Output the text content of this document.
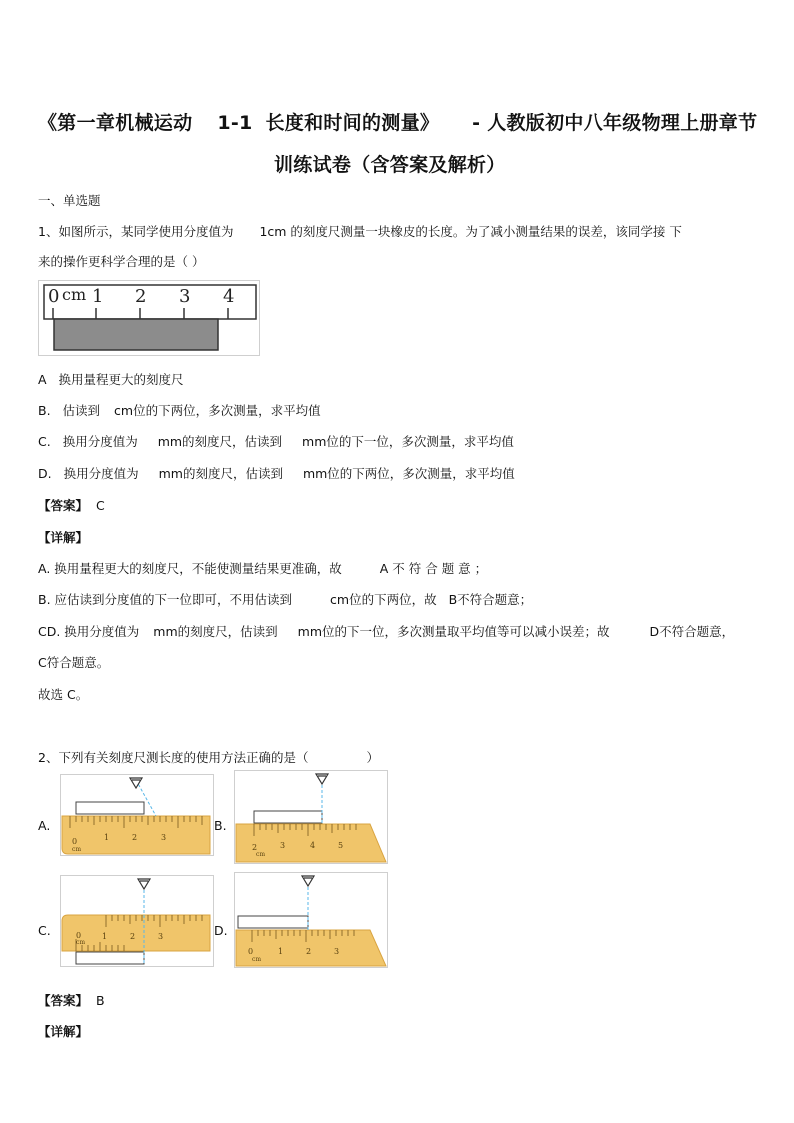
《第一章机械运动 1-1 长度和时间的测量》 - 人教版初中八年级物理上册章节
训练试卷（含答案及解析）
一、单选题
1、如图所示，某同学使用分度值为 1cm 的刻度尺测量一块橡皮的长度。为了减小测量结果的误差，该同学接 下
来的操作更科学合理的是（ ）
0 cm 1 2 3 4
A 换用量程更大的刻度尺
B. 估读到 cm位的下两位，多次测量，求平均值
C. 换用分度值为 mm的刻度尺，估读到 mm位的下一位，多次测量，求平均值
D. 换用分度值为 mm的刻度尺，估读到 mm位的下两位，多次测量，求平均值
【答案】 C
【详解】
A. 换用量程更大的刻度尺，不能使测量结果更准确，故	A 不 符 合 题 意 ；
B. 应估读到分度值的下一位即可，不用估读到	cm位的下两位，故 B不符合题意；
CD. 换用分度值为 mm的刻度尺，估读到 mm位的下一位，多次测量取平均值等可以减小误差；故	D不符合题意，
C符合题意。
故选 C。
2、下列有关刻度尺测长度的使用方法正确的是（	）
A.
0
cm
1	2	3
B.
2
cm
3	4	5
C.	0
cm
1	2	3	D.
0
cm
1	2	3
【答案】 B
【详解】
